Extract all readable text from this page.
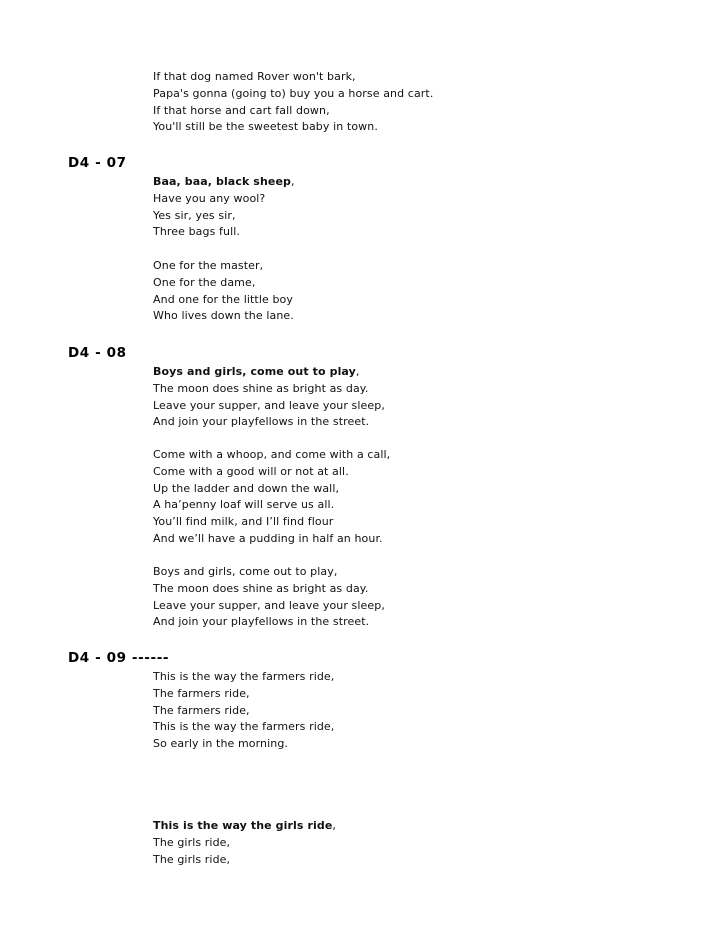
If that dog named Rover won't bark,
Papa's gonna (going to) buy you a horse and cart.
If that horse and cart fall down,
You'll still be the sweetest baby in town.
D4 - 07
Baa, baa, black sheep,
Have you any wool?
Yes sir, yes sir,
Three bags full.
One for the master,
One for the dame,
And one for the little boy
Who lives down the lane.
D4 - 08
Boys and girls, come out to play,
The moon does shine as bright as day.
Leave your supper, and leave your sleep,
And join your playfellows in the street.
Come with a whoop, and come with a call,
Come with a good will or not at all.
Up the ladder and down the wall,
A ha’penny loaf will serve us all.
You’ll find milk, and I’ll find flour
And we’ll have a pudding in half an hour.
Boys and girls, come out to play,
The moon does shine as bright as day.
Leave your supper, and leave your sleep,
And join your playfellows in the street.
D4 - 09 ------
This is the way the farmers ride,
The farmers ride,
The farmers ride,
This is the way the farmers ride,
So early in the morning.
This is the way the girls ride,
The girls ride,
The girls ride,
